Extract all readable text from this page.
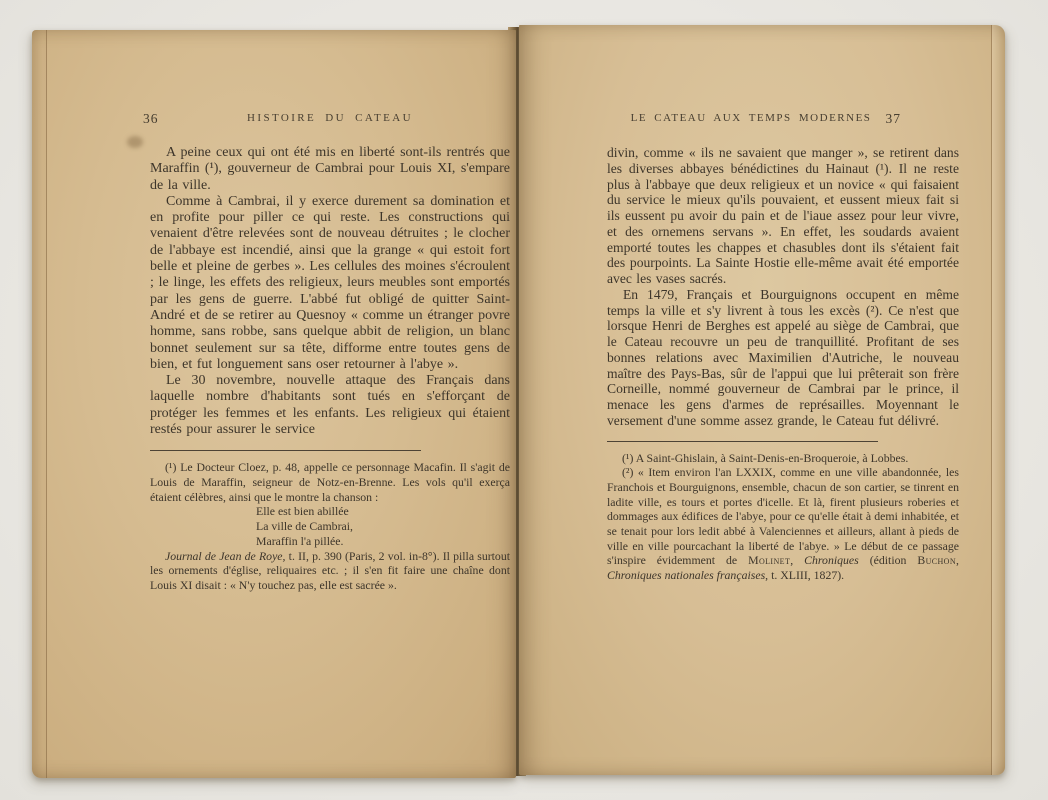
36	HISTOIRE DU CATEAU

A peine ceux qui ont été mis en liberté sont-ils rentrés que Maraffin (¹), gouverneur de Cambrai pour Louis XI, s'empare de la ville.

Comme à Cambrai, il y exerce durement sa domination et en profite pour piller ce qui reste. Les constructions qui venaient d'être relevées sont de nouveau détruites ; le clocher de l'abbaye est incendié, ainsi que la grange « qui estoit fort belle et pleine de gerbes ». Les cellules des moines s'écroulent ; le linge, les effets des religieux, leurs meubles sont emportés par les gens de guerre. L'abbé fut obligé de quitter Saint-André et de se retirer au Quesnoy « comme un étranger povre homme, sans robbe, sans quelque abbit de religion, un blanc bonnet seulement sur sa tête, difforme entre toutes gens de bien, et fut longuement sans oser retourner à l'abye ».

Le 30 novembre, nouvelle attaque des Français dans laquelle nombre d'habitants sont tués en s'efforçant de protéger les femmes et les enfants. Les religieux qui étaient restés pour assurer le service

(¹) Le Docteur Cloez, p. 48, appelle ce personnage Macafin. Il s'agit de Louis de Maraffin, seigneur de Notz-en-Brenne. Les vols qu'il exerça étaient célèbres, ainsi que le montre la chanson :

Elle est bien abillée
La ville de Cambrai,
Maraffin l'a pillée.

Journal de Jean de Roye, t. II, p. 390 (Paris, 2 vol. in-8°). Il pilla surtout les ornements d'église, reliquaires etc. ; il s'en fit faire une chaîne dont Louis XI disait : « N'y touchez pas, elle est sacrée ».

LE CATEAU AUX TEMPS MODERNES	37

divin, comme « ils ne savaient que manger », se retirent dans les diverses abbayes bénédictines du Hainaut (¹). Il ne reste plus à l'abbaye que deux religieux et un novice « qui faisaient du service le mieux qu'ils pouvaient, et eussent mieux fait si ils eussent pu avoir du pain et de l'iaue assez pour leur vivre, et des ornemens servans ». En effet, les soudards avaient emporté toutes les chappes et chasubles dont ils s'étaient fait des pourpoints. La Sainte Hostie elle-même avait été emportée avec les vases sacrés.

En 1479, Français et Bourguignons occupent en même temps la ville et s'y livrent à tous les excès (²). Ce n'est que lorsque Henri de Berghes est appelé au siège de Cambrai, que le Cateau recouvre un peu de tranquillité. Profitant de ses bonnes relations avec Maximilien d'Autriche, le nouveau maître des Pays-Bas, sûr de l'appui que lui prêterait son frère Corneille, nommé gouverneur de Cambrai par le prince, il menace les gens d'armes de représailles. Moyennant le versement d'une somme assez grande, le Cateau fut délivré.

(¹) A Saint-Ghislain, à Saint-Denis-en-Broqueroie, à Lobbes.

(²) « Item environ l'an LXXIX, comme en une ville abandonnée, les Franchois et Bourguignons, ensemble, chacun de son cartier, se tinrent en ladite ville, es tours et portes d'icelle. Et là, firent plusieurs roberies et dommages aux édifices de l'abye, pour ce qu'elle était à demi inhabitée, et se tenait pour lors ledit abbé à Valenciennes et ailleurs, allant à pieds de ville en ville pourcachant la liberté de l'abye. » Le début de ce passage s'inspire évidemment de Molinet, Chroniques (édition Buchon, Chroniques nationales françaises, t. XLIII, 1827).
